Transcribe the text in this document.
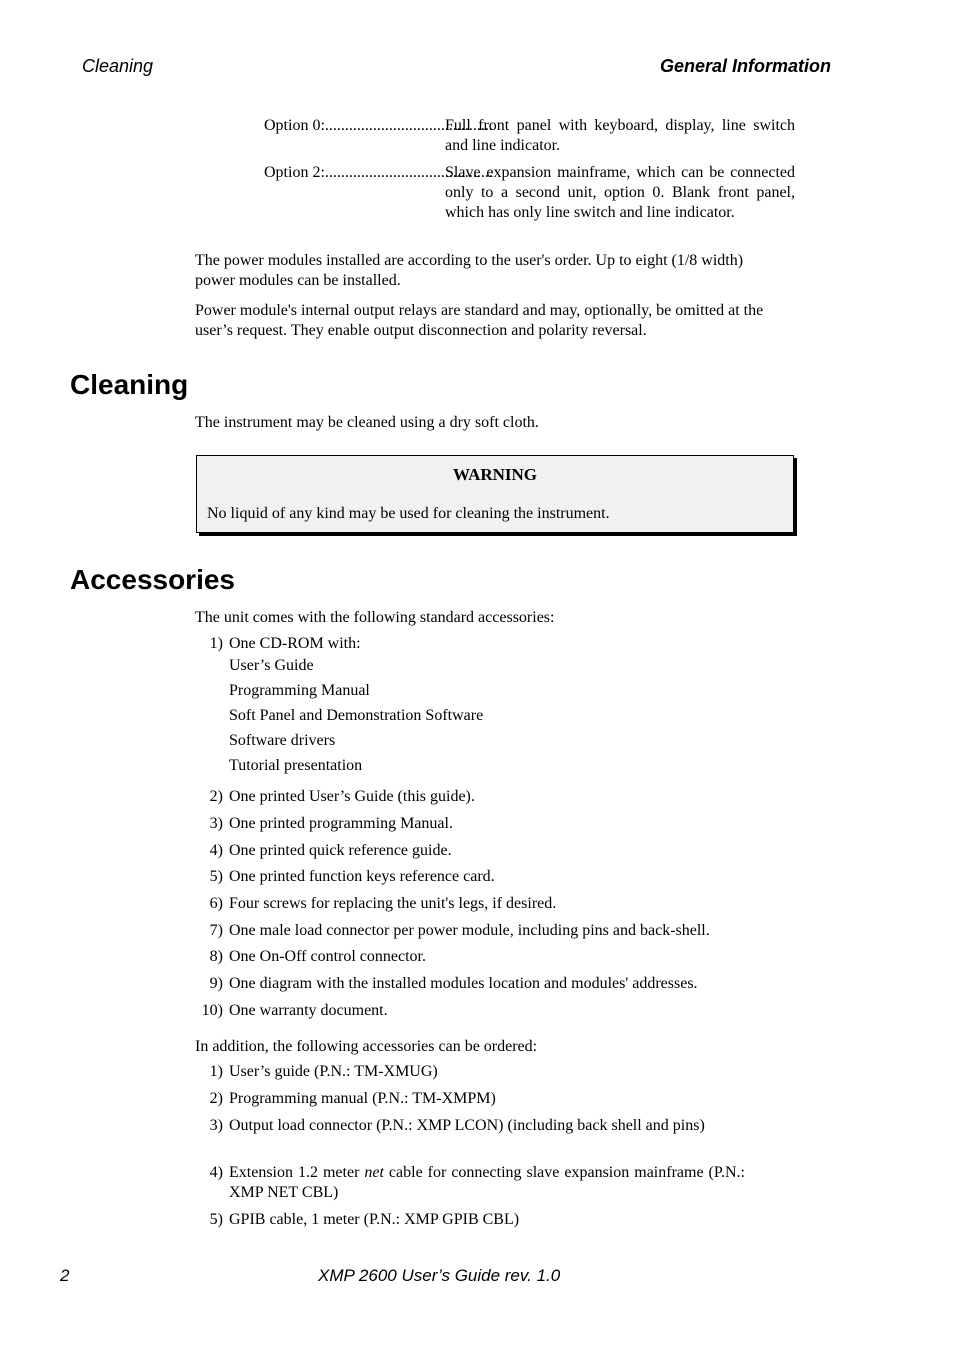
Cleaning	General Information
Option 0:..........................................
Full front panel with keyboard, display, line switch and line indicator.
Option 2:..........................................
Slave expansion mainframe, which can be connected only to a second unit, option 0. Blank front panel, which has only line switch and line indicator.
The power modules installed are according to the user's order. Up to eight (1/8 width) power modules can be installed.
Power module's internal output relays are standard and may, optionally, be omitted at the user’s request. They enable output disconnection and polarity reversal.
Cleaning
The instrument may be cleaned using a dry soft cloth.
WARNING
No liquid of any kind may be used for cleaning the instrument.
Accessories
The unit comes with the following standard accessories:
1) One CD-ROM with:
User’s Guide
Programming Manual
Soft Panel and Demonstration Software
Software drivers
Tutorial presentation
2) One printed User’s Guide (this guide).
3) One printed programming Manual.
4) One printed quick reference guide.
5) One printed function keys reference card.
6) Four screws for replacing the unit's legs, if desired.
7) One male load connector per power module, including pins and back-shell.
8) One On-Off control connector.
9) One diagram with the installed modules location and modules' addresses.
10) One warranty document.
In addition, the following accessories can be ordered:
1) User’s guide (P.N.: TM-XMUG)
2) Programming manual (P.N.: TM-XMPM)
3) Output load connector (P.N.: XMP LCON) (including back shell and pins)
4) Extension 1.2 meter net cable for connecting slave expansion mainframe (P.N.: XMP NET CBL)
5) GPIB cable, 1 meter (P.N.: XMP GPIB CBL)
2	XMP 2600 User’s Guide rev. 1.0
